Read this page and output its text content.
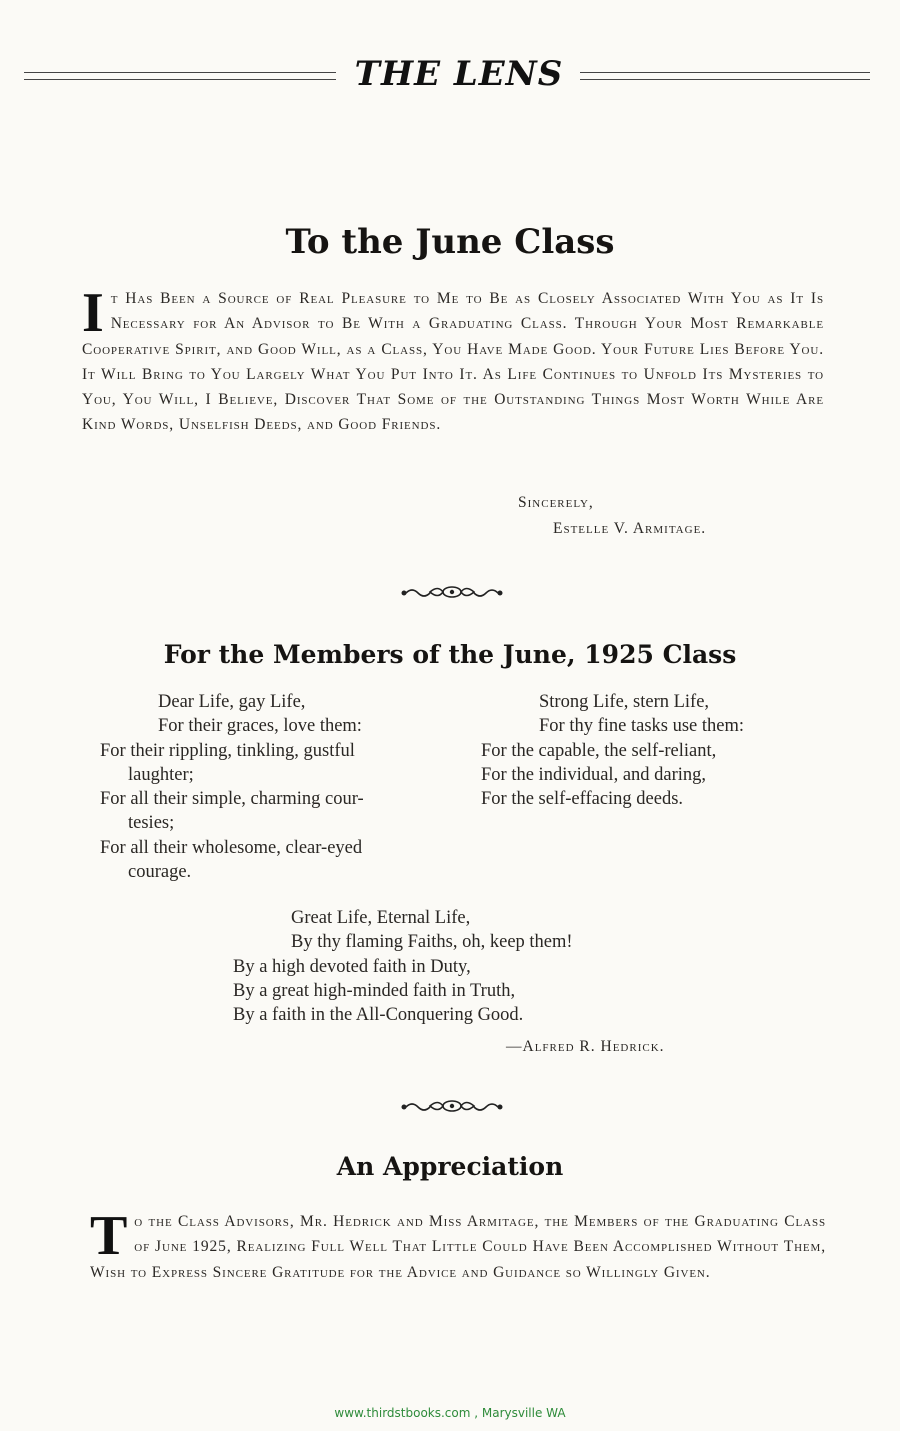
THE LENS
To the June Class
It Has Been a Source of Real Pleasure to Me to Be as Closely Associated With You as It Is Necessary for An Advisor to Be With a Graduating Class. Through Your Most Remarkable Cooperative Spirit, and Good Will, as a Class, You Have Made Good. Your Future Lies Before You. It Will Bring to You Largely What You Put Into It. As Life Continues to Unfold Its Mysteries to You, You Will, I Believe, Discover That Some of the Outstanding Things Most Worth While Are Kind Words, Unselfish Deeds, and Good Friends.
Sincerely,
Estelle V. Armitage.
For the Members of the June, 1925 Class
Dear Life, gay Life,
For their graces, love them:
For their rippling, tinkling, gustful
laughter;
For all their simple, charming cour-
tesies;
For all their wholesome, clear-eyed
courage.
Strong Life, stern Life,
For thy fine tasks use them:
For the capable, the self-reliant,
For the individual, and daring,
For the self-effacing deeds.
Great Life, Eternal Life,
By thy flaming Faiths, oh, keep them!
By a high devoted faith in Duty,
By a great high-minded faith in Truth,
By a faith in the All-Conquering Good.
—Alfred R. Hedrick.
An Appreciation
To the Class Advisors, Mr. Hedrick and Miss Armitage, the Members of the Graduating Class of June 1925, Realizing Full Well That Little Could Have Been Accomplished Without Them, Wish to Express Sincere Gratitude for the Advice and Guidance so Willingly Given.
www.thirdstbooks.com , Marysville WA
